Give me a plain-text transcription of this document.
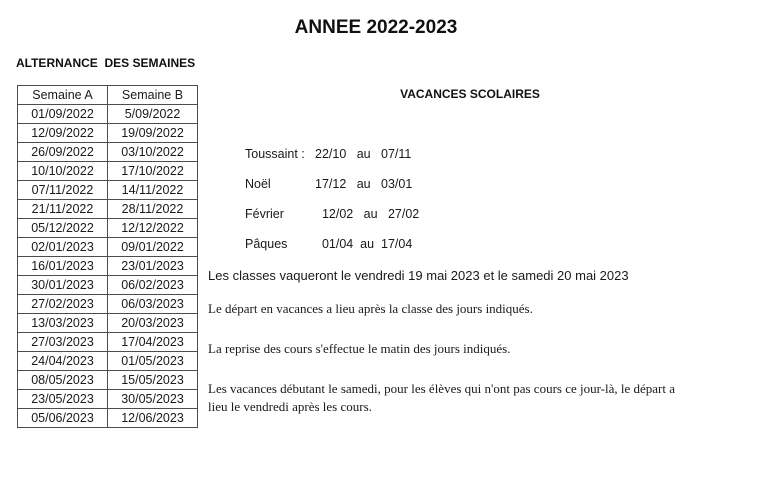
ANNEE 2022-2023
ALTERNANCE  DES SEMAINES
Semaine A	Semaine B
01/09/2022	5/09/2022
12/09/2022	19/09/2022
26/09/2022	03/10/2022
10/10/2022	17/10/2022
07/11/2022	14/11/2022
21/11/2022	28/11/2022
05/12/2022	12/12/2022
02/01/2023	09/01/2022
16/01/2023	23/01/2023
30/01/2023	06/02/2023
27/02/2023	06/03/2023
13/03/2023	20/03/2023
27/03/2023	17/04/2023
24/04/2023	01/05/2023
08/05/2023	15/05/2023
23/05/2023	30/05/2023
05/06/2023	12/06/2023
VACANCES SCOLAIRES
Toussaint : 22/10   au   07/11
Noël	17/12   au   03/01
Février  12/02   au   27/02
Pâques  01/04  au  17/04
Les classes vaqueront le vendredi 19 mai 2023 et le samedi 20 mai 2023
Le départ en vacances a lieu après la classe des jours indiqués.
La reprise des cours s'effectue le matin des jours indiqués.
Les vacances débutant le samedi, pour les élèves qui n'ont pas cours ce jour-là, le départ a
lieu le vendredi après les cours.
